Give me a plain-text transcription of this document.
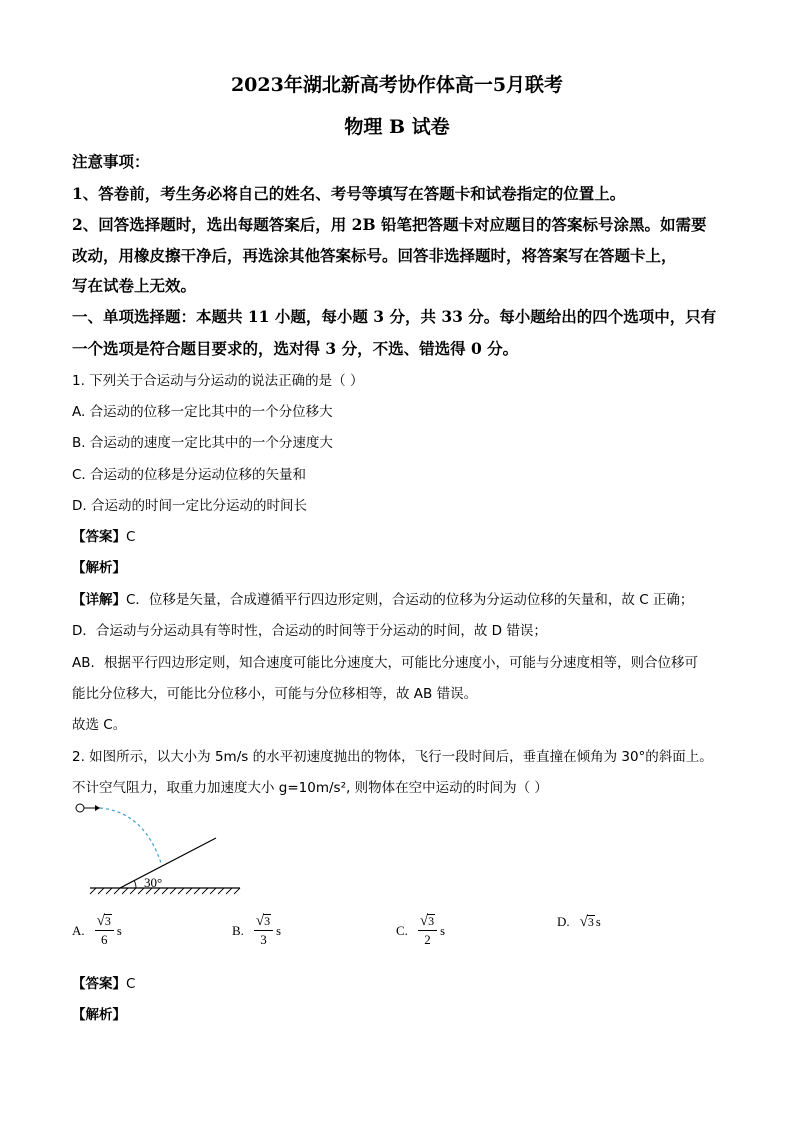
2023年湖北新高考协作体高一5月联考
物理 B 试卷
注意事项：
1、答卷前，考生务必将自己的姓名、考号等填写在答题卡和试卷指定的位置上。
2、回答选择题时，选出每题答案后，用 2B 铅笔把答题卡对应题目的答案标号涂黑。如需要
改动，用橡皮擦干净后，再选涂其他答案标号。回答非选择题时，将答案写在答题卡上，
写在试卷上无效。
一、单项选择题：本题共 11 小题，每小题 3 分，共 33 分。每小题给出的四个选项中，只有
一个选项是符合题目要求的，选对得 3 分，不选、错选得 0 分。
1. 下列关于合运动与分运动的说法正确的是（ ）
A. 合运动的位移一定比其中的一个分位移大
B. 合运动的速度一定比其中的一个分速度大
C. 合运动的位移是分运动位移的矢量和
D. 合运动的时间一定比分运动的时间长
【答案】C
【解析】
【详解】C．位移是矢量，合成遵循平行四边形定则，合运动的位移为分运动位移的矢量和，故 C 正确；
D．合运动与分运动具有等时性，合运动的时间等于分运动的时间，故 D 错误；
AB．根据平行四边形定则，知合速度可能比分速度大，可能比分速度小，可能与分速度相等，则合位移可
能比分位移大，可能比分位移小，可能与分位移相等，故 AB 错误。
故选 C。
2. 如图所示，以大小为 5m/s 的水平初速度抛出的物体，飞行一段时间后，垂直撞在倾角为 30°的斜面上。
不计空气阻力，取重力加速度大小 g=10m/s², 则物体在空中运动的时间为（ ）
30°
A. $\frac{√ 3}{6}$ s	B. $\frac{√ 3}{3}$ s	C. $\frac{√ 3}{2}$ s
D. √ 3 s
【答案】C
【解析】
